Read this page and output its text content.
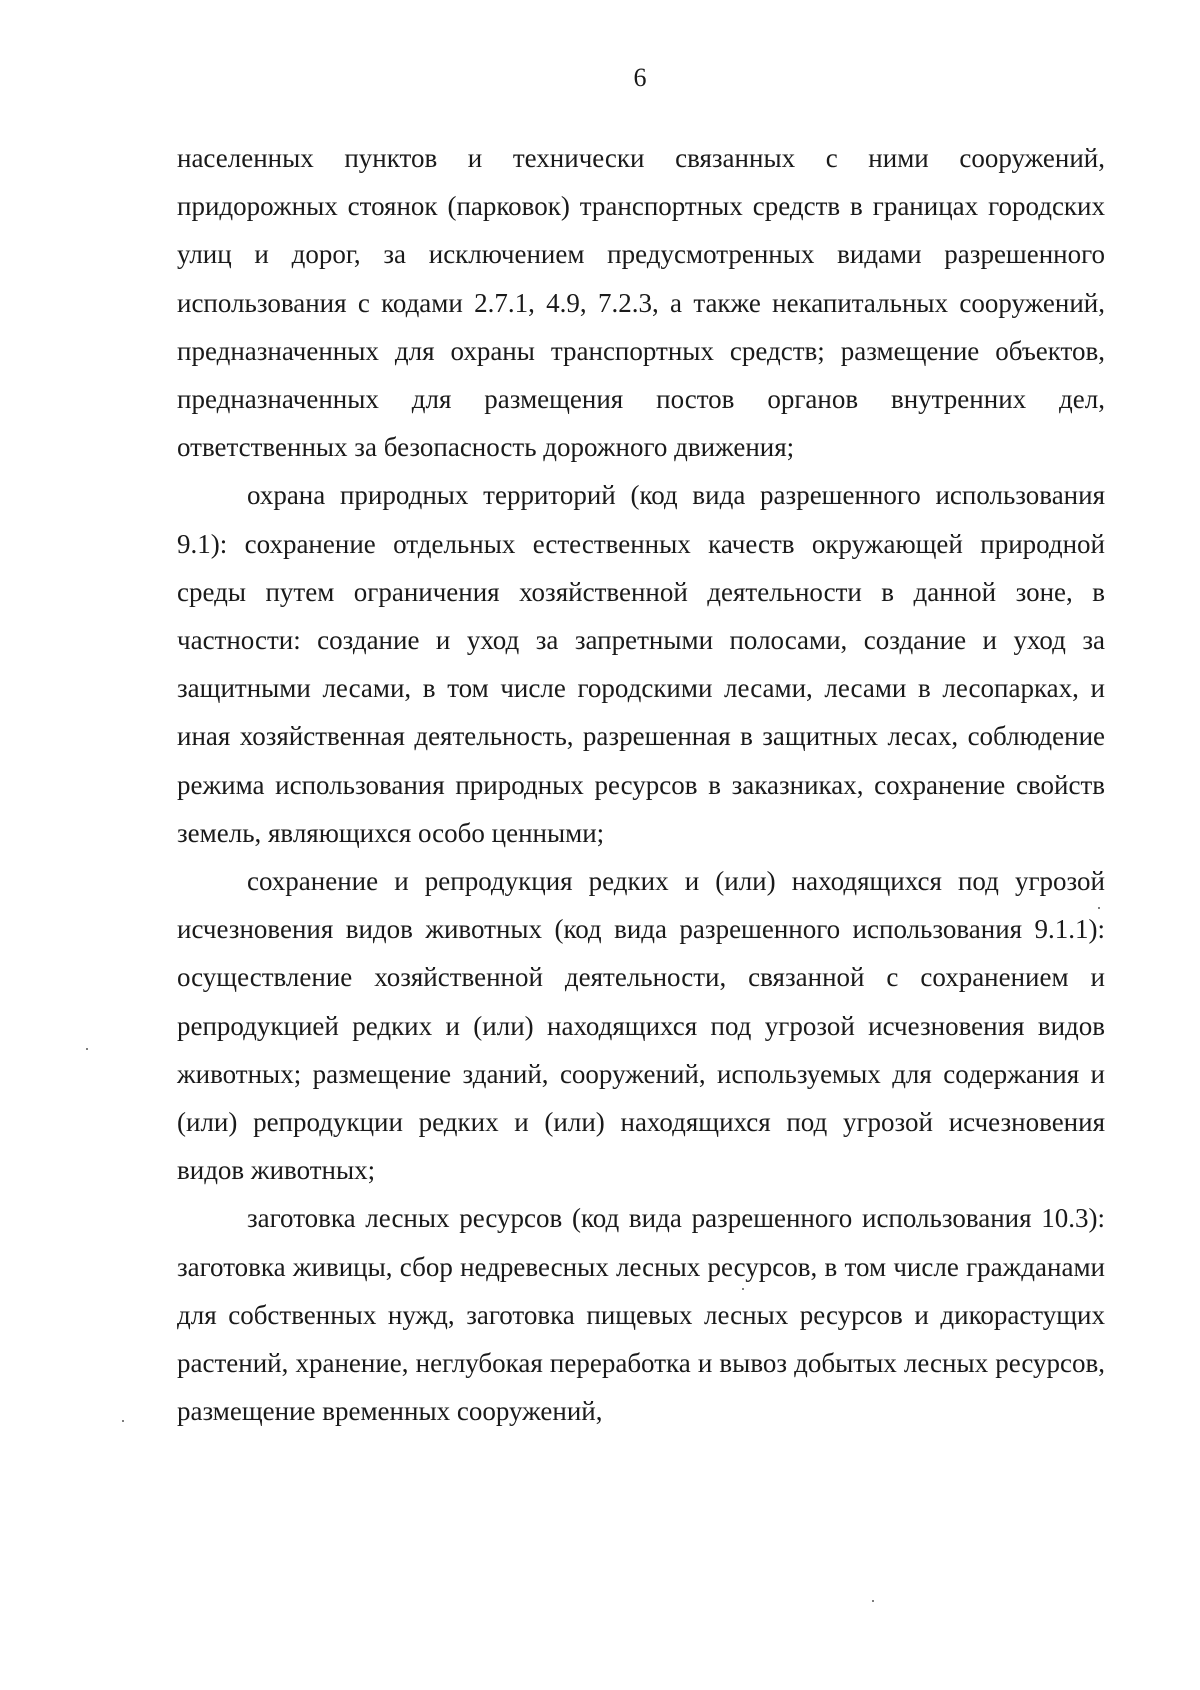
6

населенных пунктов и технически связанных с ними сооружений, придорожных стоянок (парковок) транспортных средств в границах городских улиц и дорог, за исключением предусмотренных видами разрешенного использования с кодами 2.7.1, 4.9, 7.2.3, а также некапитальных сооружений, предназначенных для охраны транспортных средств; размещение объектов, предназначенных для размещения постов органов внутренних дел, ответственных за безопасность дорожного движения;

охрана природных территорий (код вида разрешенного использования 9.1): сохранение отдельных естественных качеств окружающей природной среды путем ограничения хозяйственной деятельности в данной зоне, в частности: создание и уход за запретными полосами, создание и уход за защитными лесами, в том числе городскими лесами, лесами в лесопарках, и иная хозяйственная деятельность, разрешенная в защитных лесах, соблюдение режима использования природных ресурсов в заказниках, сохранение свойств земель, являющихся особо ценными;

сохранение и репродукция редких и (или) находящихся под угрозой исчезновения видов животных (код вида разрешенного использования 9.1.1): осуществление хозяйственной деятельности, связанной с сохранением и репродукцией редких и (или) находящихся под угрозой исчезновения видов животных; размещение зданий, сооружений, используемых для содержания и (или) репродукции редких и (или) находящихся под угрозой исчезновения видов животных;

заготовка лесных ресурсов (код вида разрешенного использования 10.3): заготовка живицы, сбор недревесных лесных ресурсов, в том числе гражданами для собственных нужд, заготовка пищевых лесных ресурсов и дикорастущих растений, хранение, неглубокая переработка и вывоз добытых лесных ресурсов, размещение временных сооружений,
